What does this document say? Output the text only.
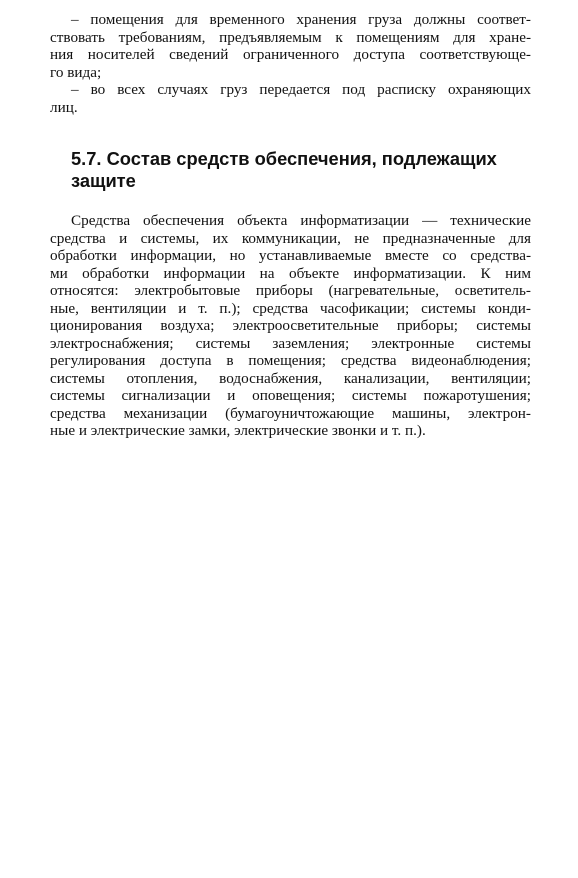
– помещения для временного хранения груза должны соответ-
ствовать требованиям, предъявляемым к помещениям для хране-
ния носителей сведений ограниченного доступа соответствующе-
го вида;
– во всех случаях груз передается под расписку охраняющих
лиц.
5.7. Состав средств обеспечения, подлежащих
защите
Средства обеспечения объекта информатизации — технические
средства и системы, их коммуникации, не предназначенные для
обработки информации, но устанавливаемые вместе со средства-
ми обработки информации на объекте информатизации. К ним
относятся: электробытовые приборы (нагревательные, осветитель-
ные, вентиляции и т. п.); средства часофикации; системы конди-
ционирования воздуха; электроосветительные приборы; системы
электроснабжения; системы заземления; электронные системы
регулирования доступа в помещения; средства видеонаблюдения;
системы отопления, водоснабжения, канализации, вентиляции;
системы сигнализации и оповещения; системы пожаротушения;
средства механизации (бумагоуничтожающие машины, электрон-
ные и электрические замки, электрические звонки и т. п.).
